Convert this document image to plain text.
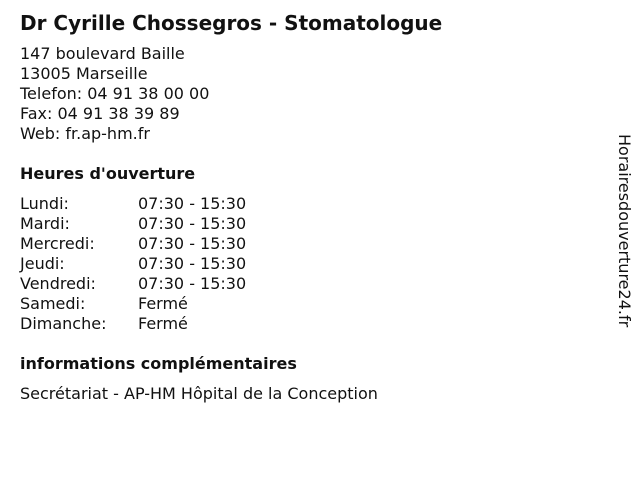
Dr Cyrille Chossegros - Stomatologue
147 boulevard Baille
13005 Marseille
Telefon: 04 91 38 00 00
Fax: 04 91 38 39 89
Web: fr.ap-hm.fr
Heures d'ouverture
Lundi:	07:30 - 15:30
Mardi:	07:30 - 15:30
Mercredi:	07:30 - 15:30
Jeudi:	07:30 - 15:30
Vendredi:	07:30 - 15:30
Samedi:	Fermé
Dimanche:	Fermé
informations complémentaires
Secrétariat - AP-HM Hôpital de la Conception
Horairesdouverture24.fr
